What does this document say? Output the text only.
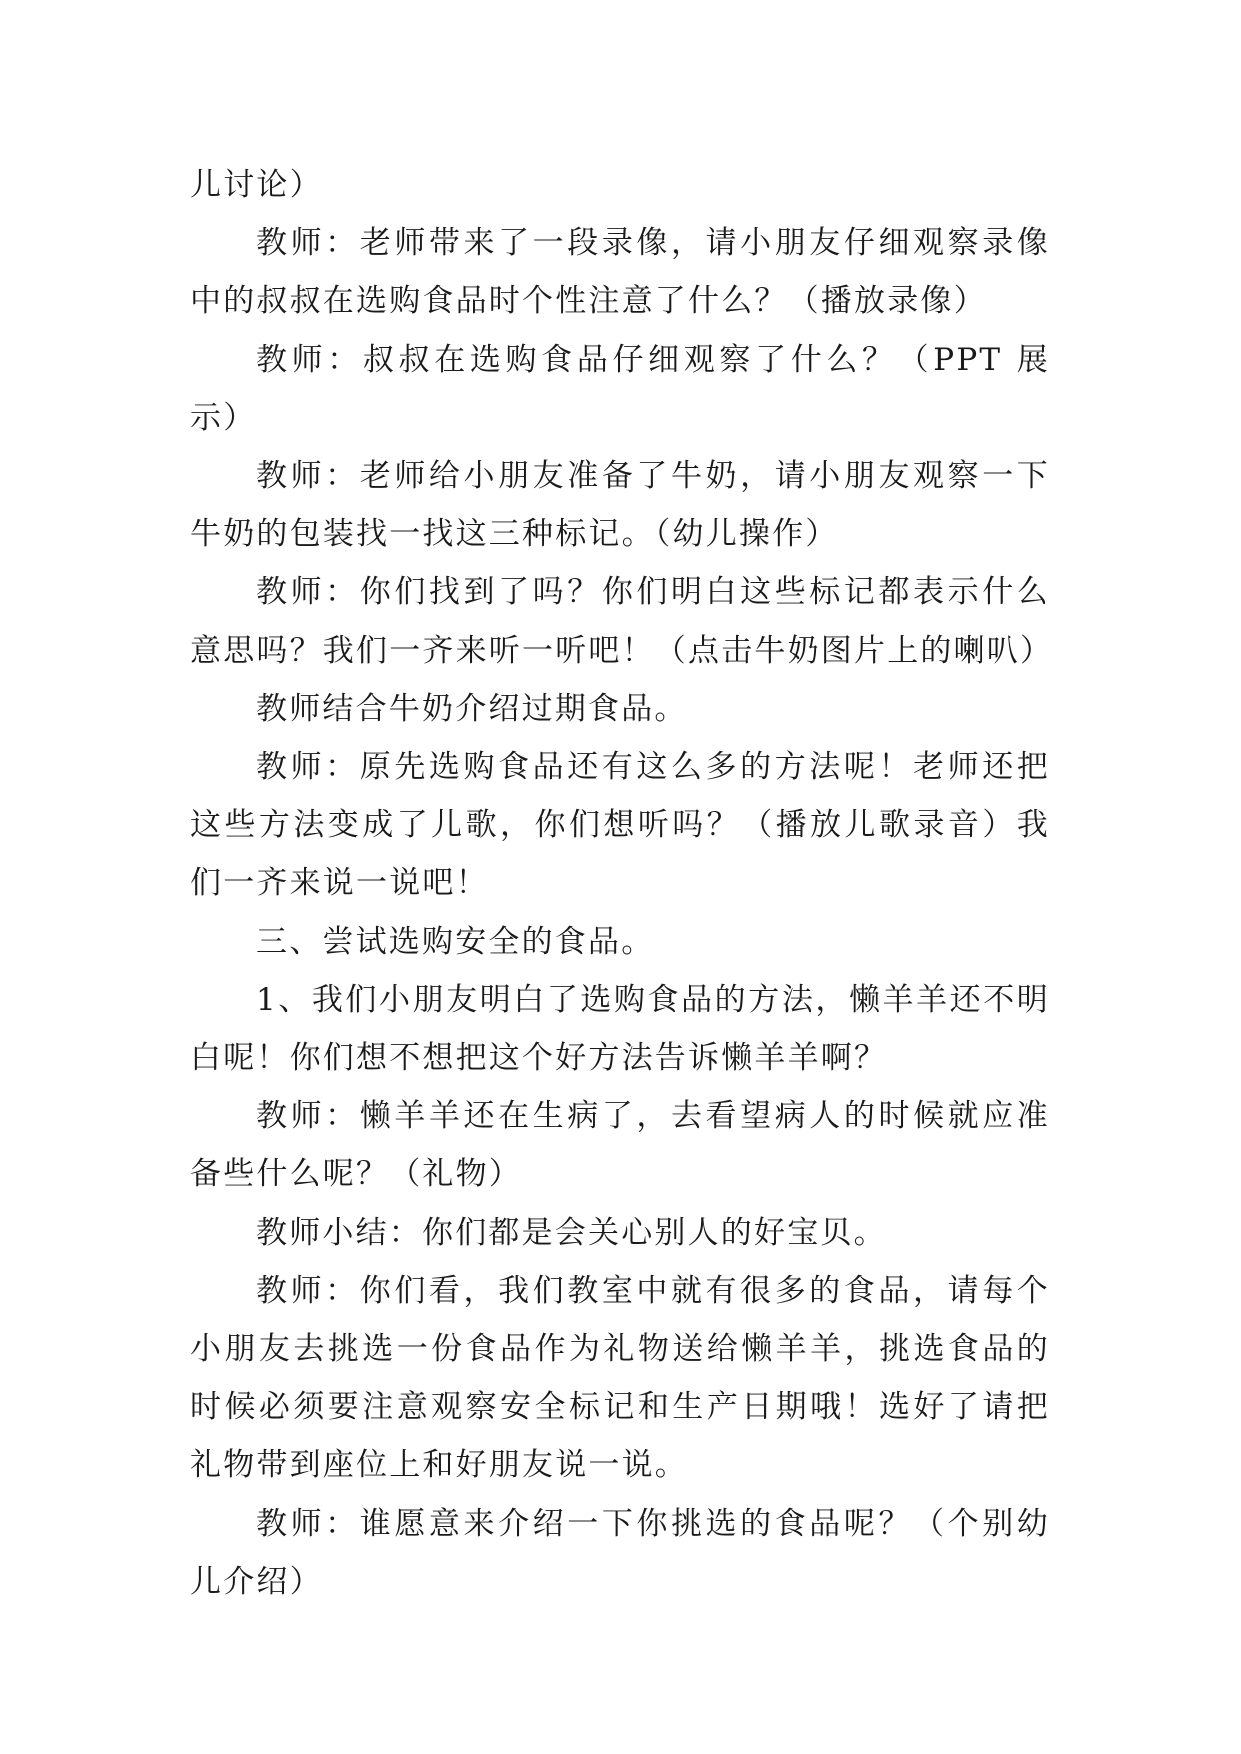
儿讨论）

教师：老师带来了一段录像，请小朋友仔细观察录像中的叔叔在选购食品时个性注意了什么？（播放录像）

教师：叔叔在选购食品仔细观察了什么？（PPT 展示）

教师：老师给小朋友准备了牛奶，请小朋友观察一下牛奶的包装找一找这三种标记。（幼儿操作）

教师：你们找到了吗？你们明白这些标记都表示什么意思吗？我们一齐来听一听吧！（点击牛奶图片上的喇叭）

教师结合牛奶介绍过期食品。

教师：原先选购食品还有这么多的方法呢！老师还把这些方法变成了儿歌，你们想听吗？（播放儿歌录音）我们一齐来说一说吧！

三、尝试选购安全的食品。

1、我们小朋友明白了选购食品的方法，懒羊羊还不明白呢！你们想不想把这个好方法告诉懒羊羊啊？

教师：懒羊羊还在生病了，去看望病人的时候就应准备些什么呢？（礼物）

教师小结：你们都是会关心别人的好宝贝。

教师：你们看，我们教室中就有很多的食品，请每个小朋友去挑选一份食品作为礼物送给懒羊羊，挑选食品的时候必须要注意观察安全标记和生产日期哦！选好了请把礼物带到座位上和好朋友说一说。

教师：谁愿意来介绍一下你挑选的食品呢？（个别幼儿介绍）
